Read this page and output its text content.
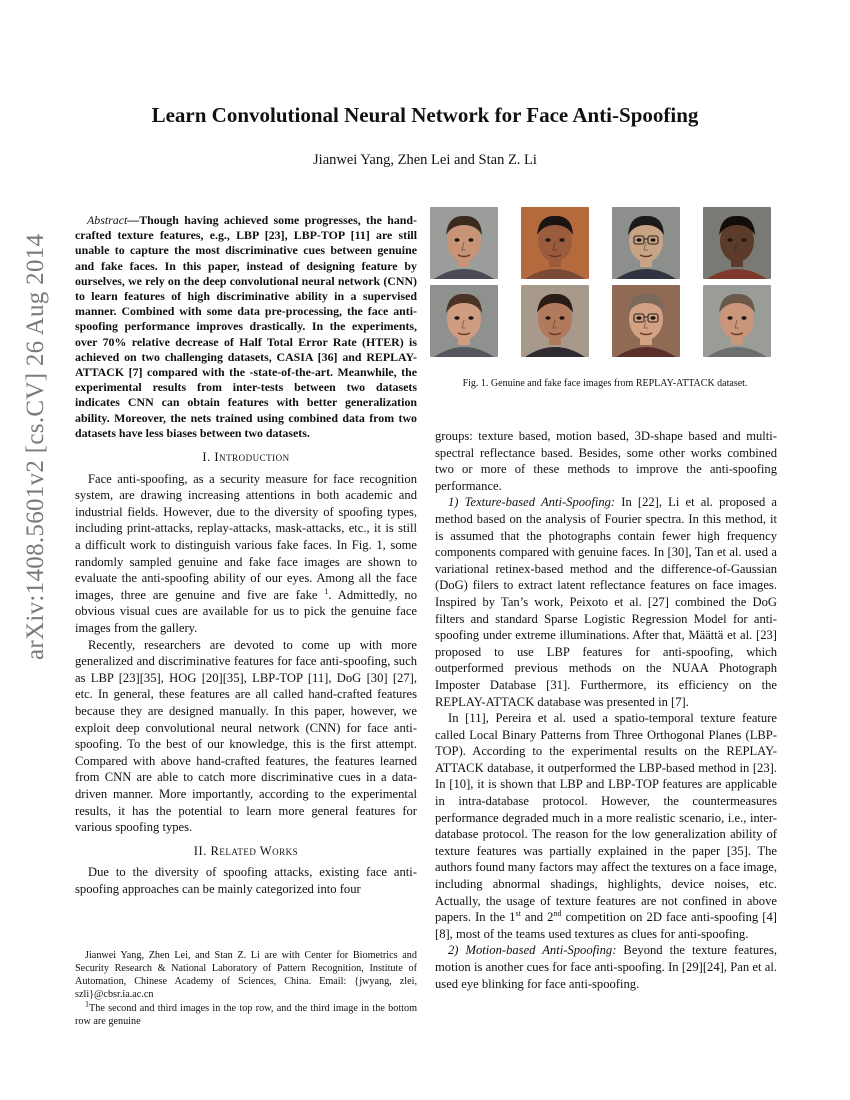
arXiv:1408.5601v2 [cs.CV] 26 Aug 2014
Learn Convolutional Neural Network for Face Anti-Spoofing
Jianwei Yang, Zhen Lei and Stan Z. Li

Abstract—Though having achieved some progresses, the hand-crafted texture features, e.g., LBP [23], LBP-TOP [11] are still unable to capture the most discriminative cues between genuine and fake faces. In this paper, instead of designing feature by ourselves, we rely on the deep convolutional neural network (CNN) to learn features of high discriminative ability in a supervised manner. Combined with some data pre-processing, the face anti-spoofing performance improves drastically. In the experiments, over 70% relative decrease of Half Total Error Rate (HTER) is achieved on two challenging datasets, CASIA [36] and REPLAY-ATTACK [7] compared with the -state-of-the-art. Meanwhile, the experimental results from inter-tests between two datasets indicates CNN can obtain features with better generalization ability. Moreover, the nets trained using combined data from two datasets have less biases between two datasets.

I. Introduction

Face anti-spoofing, as a security measure for face recognition system, are drawing increasing attentions in both academic and industrial fields. However, due to the diversity of spoofing types, including print-attacks, replay-attacks, mask-attacks, etc., it is still a difficult work to distinguish various fake faces. In Fig. 1, some randomly sampled genuine and fake face images are shown to evaluate the anti-spoofing ability of our eyes. Among all the face images, three are genuine and five are fake $^1$. Admittedly, no obvious visual cues are available for us to pick the genuine face images from the gallery.

Recently, researchers are devoted to come up with more generalized and discriminative features for face anti-spoofing, such as LBP [23][35], HOG [20][35], LBP-TOP [11], DoG [30] [27], etc. In general, these features are all called hand-crafted features because they are designed manually. In this paper, however, we exploit deep convolutional neural network (CNN) for face anti-spoofing. To the best of our knowledge, this is the first attempt. Compared with above hand-crafted features, the features learned from CNN are able to catch more discriminative cues in a data-driven manner. More importantly, according to the experimental results, it has the potential to learn more general features for various spoofing types.

II. Related Works

Due to the diversity of spoofing attacks, existing face anti-spoofing approaches can be mainly categorized into four

Jianwei Yang, Zhen Lei, and Stan Z. Li are with Center for Biometrics and Security Research & National Laboratory of Pattern Recognition, Institute of Automation, Chinese Academy of Sciences, China. Email: {jwyang, zlei, szli}@cbsr.ia.ac.cn

$^1$The second and third images in the top row, and the third image in the bottom row are genuine

Fig. 1. Genuine and fake face images from REPLAY-ATTACK dataset.

groups: texture based, motion based, 3D-shape based and multi-spectral reflectance based. Besides, some other works combined two or more of these methods to improve the anti-spoofing performance.

1) Texture-based Anti-Spoofing: In [22], Li et al. proposed a method based on the analysis of Fourier spectra. In this method, it is assumed that the photographs contain fewer high frequency components compared with genuine faces. In [30], Tan et al. used a variational retinex-based method and the difference-of-Gaussian (DoG) filers to extract latent reflectance features on face images. Inspired by Tan’s work, Peixoto et al. [27] combined the DoG filters and standard Sparse Logistic Regression Model for anti-spoofing under extreme illuminations. After that, Määttä et al. [23] proposed to use LBP features for anti-spoofing, which outperformed previous methods on the NUAA Photograph Imposter Database [31]. Furthermore, its efficiency on the REPLAY-ATTACK database was presented in [7].

In [11], Pereira et al. used a spatio-temporal texture feature called Local Binary Patterns from Three Orthogonal Planes (LBP-TOP). According to the experimental results on the REPLAY-ATTACK database, it outperformed the LBP-based method in [23]. In [10], it is shown that LBP and LBP-TOP features are applicable in intra-database protocol. However, the countermeasures performance degraded much in a more realistic scenario, i.e., inter-database protocol. The reason for the low generalization ability of texture features was partially explained in the paper [35]. The authors found many factors may affect the textures on a face image, including abnormal shadings, highlights, device noises, etc. Actually, the usage of texture features are not confined in above papers. In the 1st and 2nd competition on 2D face anti-spoofing [4] [8], most of the teams used textures as clues for anti-spoofing.

2) Motion-based Anti-Spoofing: Beyond the texture features, motion is another cues for face anti-spoofing. In [29][24], Pan et al. used eye blinking for face anti-spoofing.
